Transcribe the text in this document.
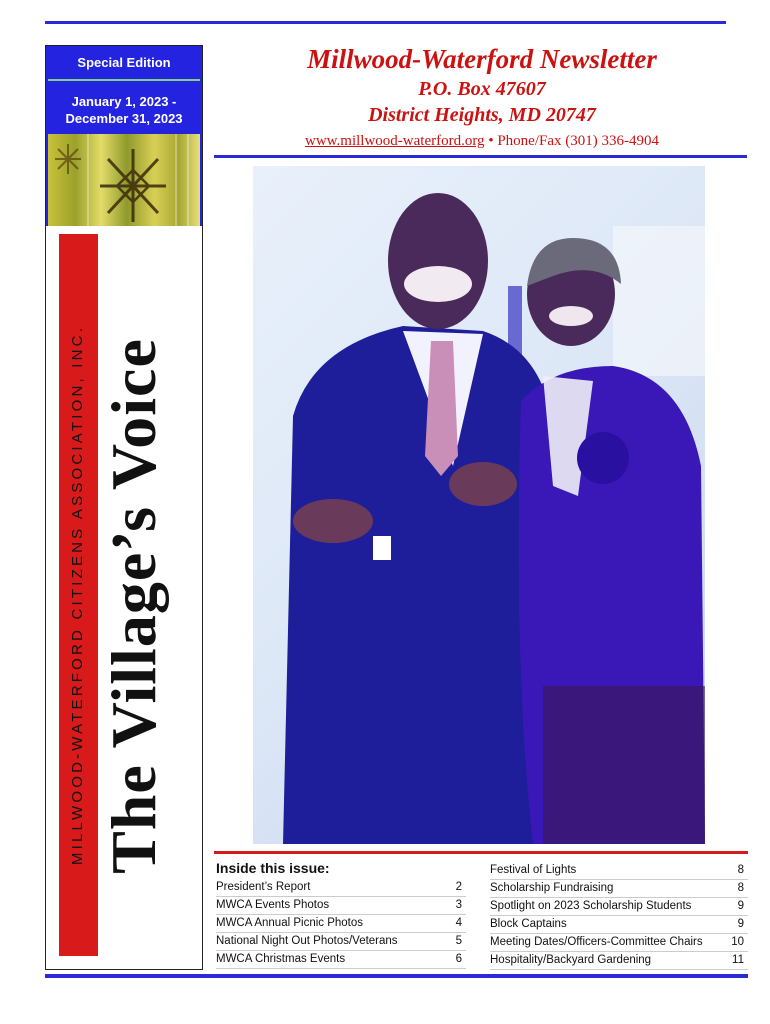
Special Edition
January 1, 2023 - December 31, 2023
MILLWOOD-WATERFORD CITIZENS ASSOCIATION, INC. The Village’s Voice
Millwood-Waterford Newsletter
P.O. Box 47607
District Heights, MD 20747
www.millwood-waterford.org • Phone/Fax (301) 336-4904
Inside this issue:
President’s Report	2
MWCA Events Photos	3
MWCA Annual Picnic Photos	4
National Night Out Photos/Veterans	5
MWCA Christmas Events	6
Festival of Lights	8
Scholarship Fundraising	8
Spotlight on 2023 Scholarship Students	9
Block Captains	9
Meeting Dates/Officers-Committee Chairs 10
Hospitality/Backyard Gardening	11
